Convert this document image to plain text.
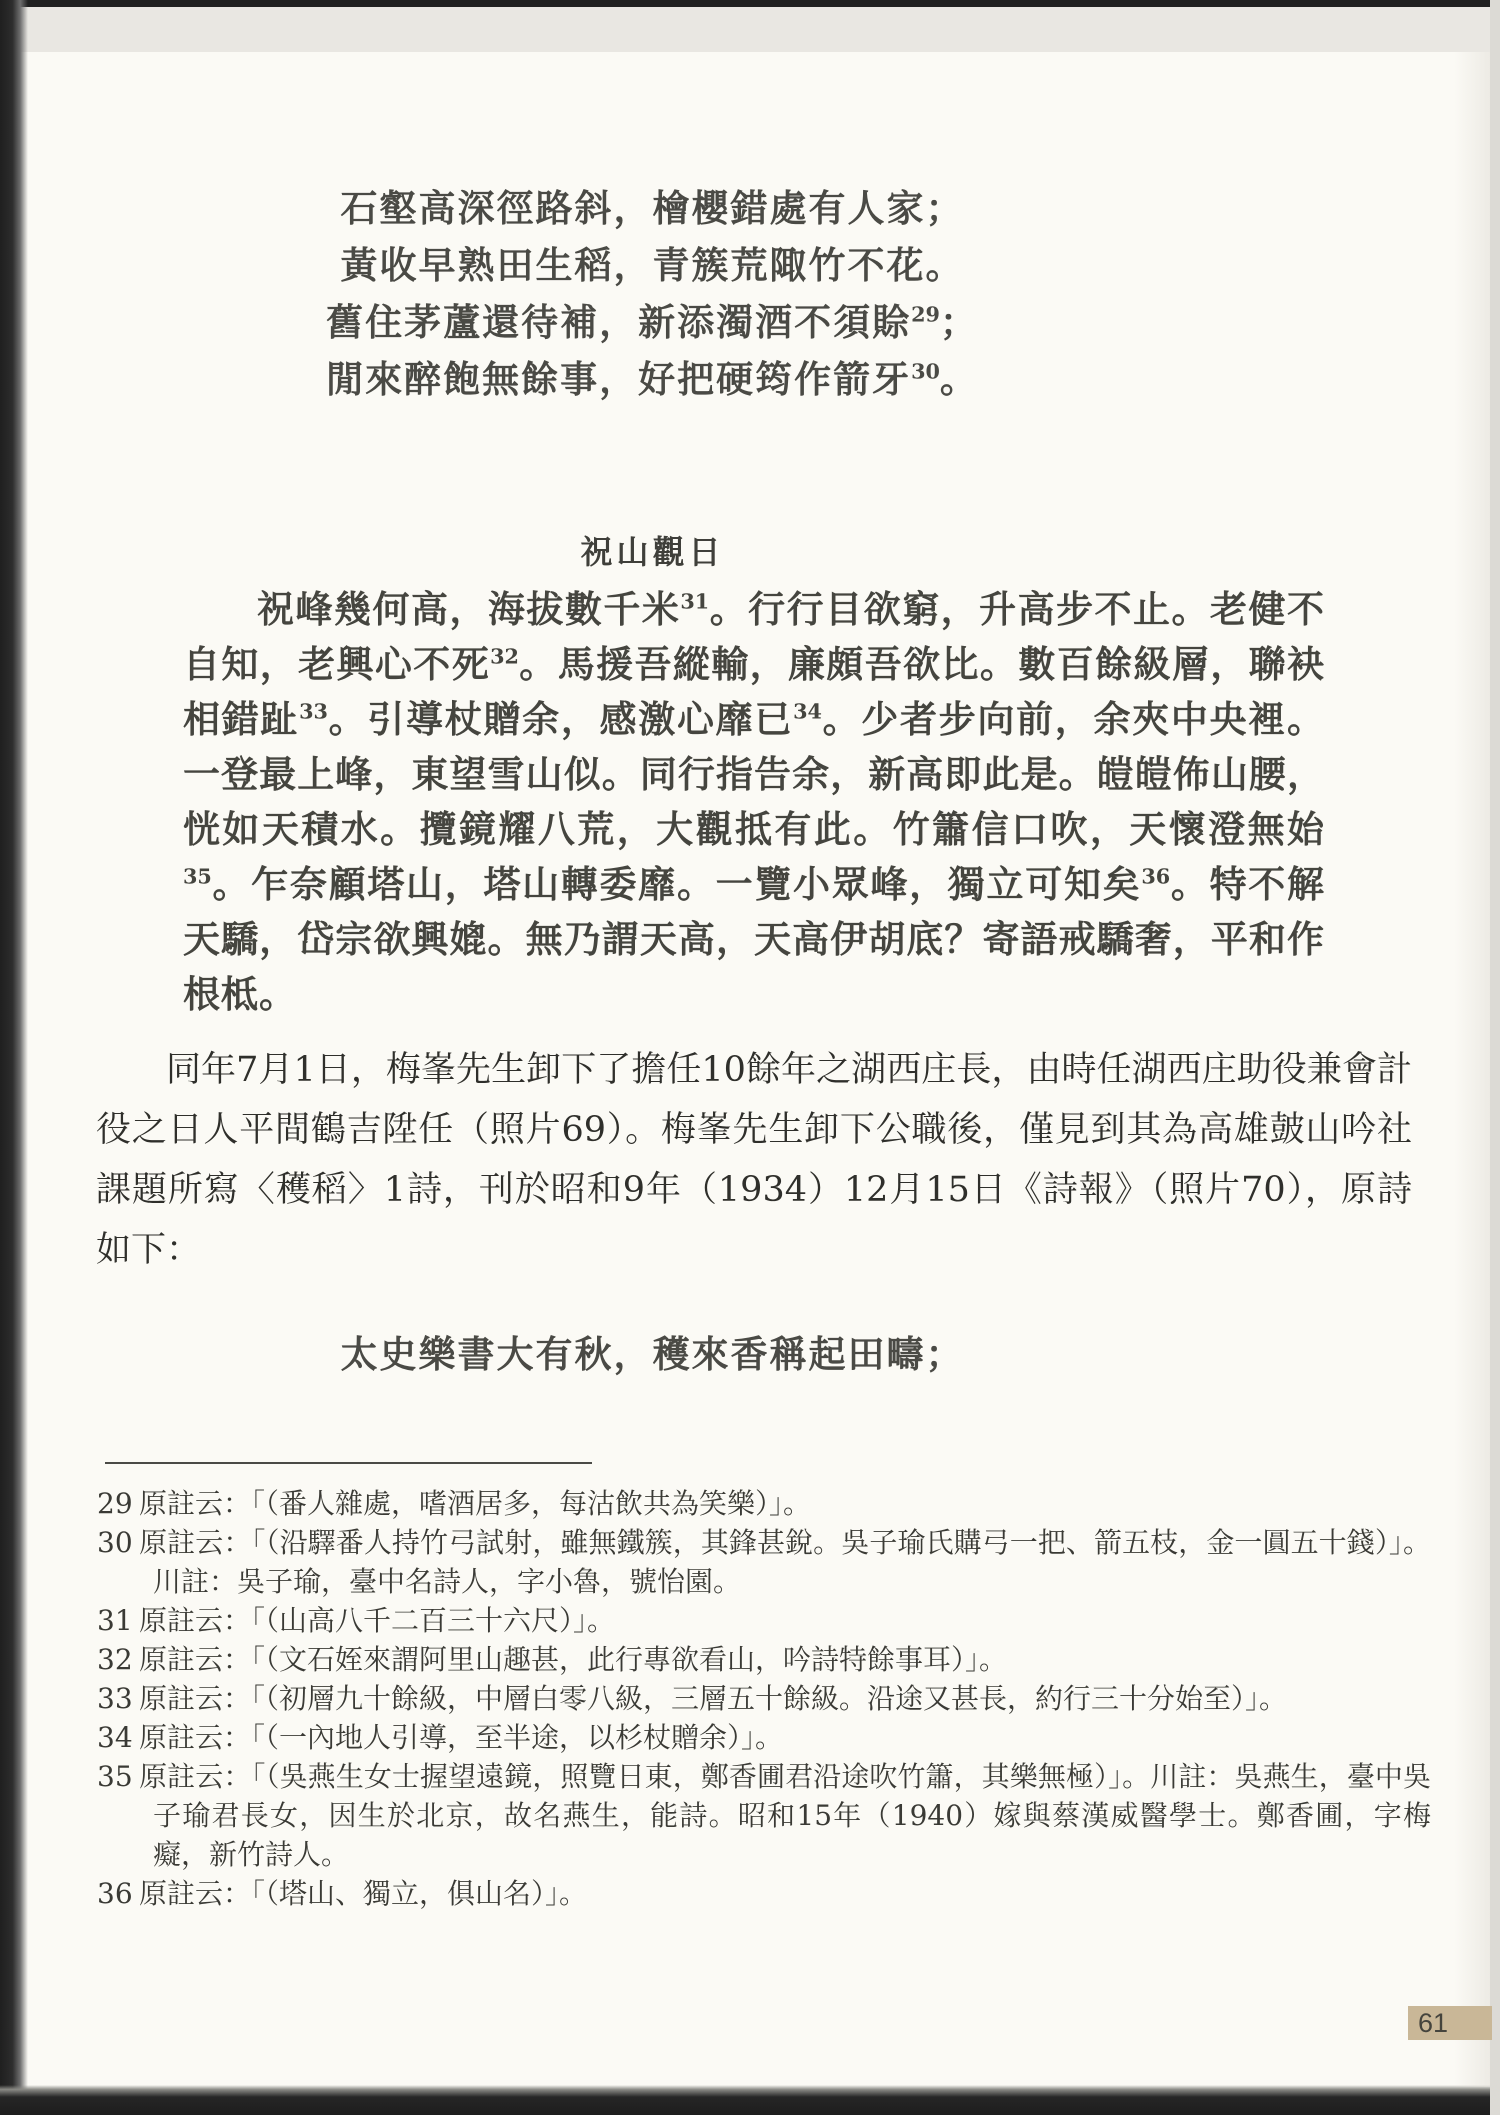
石壑高深徑路斜，檜櫻錯處有人家；
黃收早熟田生稻，青簇荒陬竹不花。
舊住茅蘆還待補，新添濁酒不須賒$^{29}$；
閒來醉飽無餘事，好把硬筠作箭牙$^{30}$。
祝山觀日
祝峰幾何高，海拔數千米$^{31}$。行行目欲窮，升高步不止。老健不自知，老興心不死$^{32}$。馬援吾縱輸，廉頗吾欲比。數百餘級層，聯袂相錯趾$^{33}$。引導杖贈余，感激心靡已$^{34}$。少者步向前，余夾中央裡。一登最上峰，東望雪山似。同行指告余，新高即此是。皚皚佈山腰，恍如天積水。攬鏡耀八荒，大觀抵有此。竹簫信口吹，天懷澄無始$^{35}$。乍奈顧塔山，塔山轉委靡。一覽小眾峰，獨立可知矣$^{36}$。特不解天驕，岱宗欲興媲。無乃謂天高，天高伊胡底？寄語戒驕奢，平和作根柢。
同年7月1日，梅峯先生卸下了擔任10餘年之湖西庄長，由時任湖西庄助役兼會計役之日人平間鶴吉陞任（照片69）。梅峯先生卸下公職後，僅見到其為高雄皷山吟社課題所寫〈穫稻〉1詩，刊於昭和9年（1934）12月15日《詩報》（照片70），原詩如下：
太史樂書大有秋，穫來香稱起田疇；
29 原註云：「（番人雜處，嗜酒居多，每沽飲共為笑樂）」。
30 原註云：「（沿驛番人持竹弓試射，雖無鐵簇，其鋒甚銳。吳子瑜氏購弓一把、箭五枝，金一圓五十錢）」。川註：吳子瑜，臺中名詩人，字小魯，號怡園。
31 原註云：「（山高八千二百三十六尺）」。
32 原註云：「（文石姪來謂阿里山趣甚，此行專欲看山，吟詩特餘事耳）」。
33 原註云：「（初層九十餘級，中層白零八級，三層五十餘級。沿途又甚長，約行三十分始至）」。
34 原註云：「（一內地人引導，至半途，以杉杖贈余）」。
35 原註云：「（吳燕生女士握望遠鏡，照覽日東，鄭香圃君沿途吹竹簫，其樂無極）」。川註：吳燕生，臺中吳子瑜君長女，因生於北京，故名燕生，能詩。昭和15年（1940）嫁與蔡漢威醫學士。鄭香圃，字梅癡，新竹詩人。
36 原註云：「（塔山、獨立，俱山名）」。
61
